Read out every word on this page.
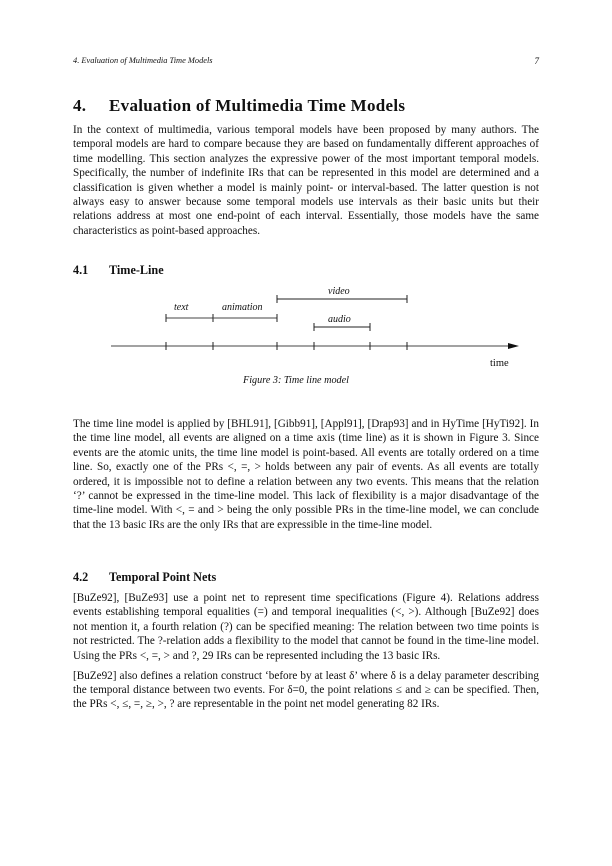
4. Evaluation of Multimedia Time Models	7
4. Evaluation of Multimedia Time Models

In the context of multimedia, various temporal models have been proposed by many authors. The temporal models are hard to compare because they are based on fundamentally different approaches of time modelling. This section analyzes the expressive power of the most important temporal models. Specifically, the number of indefinite IRs that can be represented in this model are determined and a classification is given whether a model is mainly point- or interval-based. The latter question is not always easy to answer because some temporal models use intervals as their basic units but their relations address at most one end-point of each interval. Essentially, those models have the same characteristics as point-based approaches.

4.1 Time-Line
text	animation
video
audio
time
Figure 3: Time line model

The time line model is applied by [BHL91], [Gibb91], [Appl91], [Drap93] and in HyTime [HyTi92]. In the time line model, all events are aligned on a time axis (time line) as it is shown in Figure 3. Since events are the atomic units, the time line model is point-based. All events are totally ordered on a time line. So, exactly one of the PRs <, =, > holds between any pair of events. As all events are totally ordered, it is impossible not to define a relation between any two events. This means that the relation ‘?’ cannot be expressed in the time-line model. This lack of flexibility is a major disadvantage of the time-line model. With <, = and > being the only possible PRs in the time-line model, we can conclude that the 13 basic IRs are the only IRs that are expressible in the time-line model.

4.2 Temporal Point Nets

[BuZe92], [BuZe93] use a point net to represent time specifications (Figure 4). Relations address events establishing temporal equalities (=) and temporal inequalities (<, >). Although [BuZe92] does not mention it, a fourth relation (?) can be specified meaning: The relation between two time points is not restricted. The ?-relation adds a flexibility to the model that cannot be found in the time-line model. Using the PRs <, =, > and ?, 29 IRs can be represented including the 13 basic IRs.

[BuZe92] also defines a relation construct ‘before by at least δ’ where δ is a delay parameter describing the temporal distance between two events. For δ=0, the point relations ≤ and ≥ can be specified. Then, the PRs <, ≤, =, ≥, >, ? are representable in the point net model generating 82 IRs.
